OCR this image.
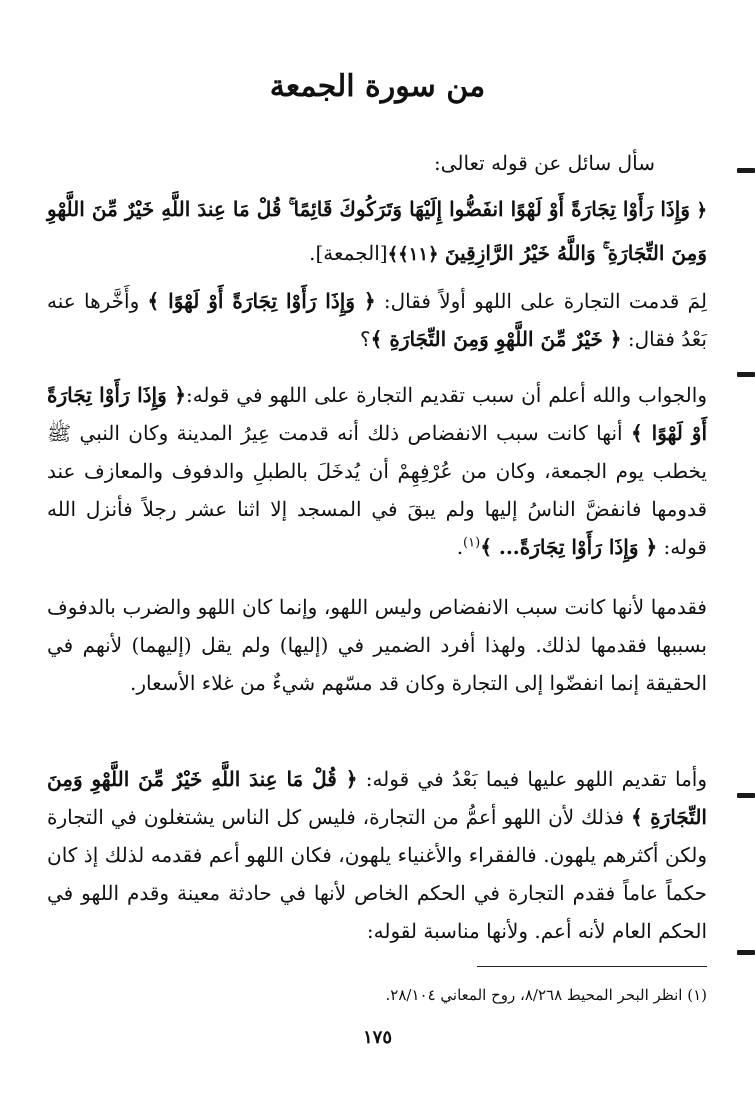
من سورة الجمعة

سأل سائل عن قوله تعالى:

﴿ وَإِذَا رَأَوْا تِجَارَةً أَوْ لَهْوًا انفَضُّوا إِلَيْهَا وَتَرَكُوكَ قَائِمًا ۚ قُلْ مَا عِندَ اللَّهِ خَيْرٌ مِّنَ اللَّهْوِ وَمِنَ التِّجَارَةِ ۚ وَاللَّهُ خَيْرُ الرَّازِقِينَ ﴿١١﴾﴾[الجمعة].

لِمَ قدمت التجارة على اللهو أولاً فقال: ﴿ وَإِذَا رَأَوْا تِجَارَةً أَوْ لَهْوًا ﴾ وأَخَّرها عنه بَعْدُ فقال: ﴿ خَيْرٌ مِّنَ اللَّهْوِ وَمِنَ التِّجَارَةِ ﴾؟

والجواب والله أعلم أن سبب تقديم التجارة على اللهو في قوله:﴿ وَإِذَا رَأَوْا تِجَارَةً أَوْ لَهْوًا ﴾ أنها كانت سبب الانفضاص ذلك أنه قدمت عِيرُ المدينة وكان النبي ﷺ يخطب يوم الجمعة، وكان من عُرْفِهِمْ أن يُدخَلَ بالطبلِ والدفوف والمعازف عند قدومها فانفضَّ الناسُ إليها ولم يبقَ في المسجد إلا اثنا عشر رجلاً فأنزل الله قوله: ﴿ وَإِذَا رَأَوْا تِجَارَةً... ﴾$^{(١)}$.

فقدمها لأنها كانت سبب الانفضاص وليس اللهو، وإنما كان اللهو والضرب بالدفوف بسببها فقدمها لذلك. ولهذا أفرد الضمير في (إليها) ولم يقل (إليهما) لأنهم في الحقيقة إنما انفضّوا إلى التجارة وكان قد مسّهم شيءٌ من غلاء الأسعار.

وأما تقديم اللهو عليها فيما بَعْدُ في قوله: ﴿ قُلْ مَا عِندَ اللَّهِ خَيْرٌ مِّنَ اللَّهْوِ وَمِنَ التِّجَارَةِ ﴾ فذلك لأن اللهو أعمُّ من التجارة، فليس كل الناس يشتغلون في التجارة ولكن أكثرهم يلهون. فالفقراء والأغنياء يلهون، فكان اللهو أعم فقدمه لذلك إذ كان حكماً عاماً فقدم التجارة في الحكم الخاص لأنها في حادثة معينة وقدم اللهو في الحكم العام لأنه أعم. ولأنها مناسبة لقوله:

(١) انظر البحر المحيط ٨/٢٦٨، روح المعاني ٢٨/١٠٤.
١٧٥
